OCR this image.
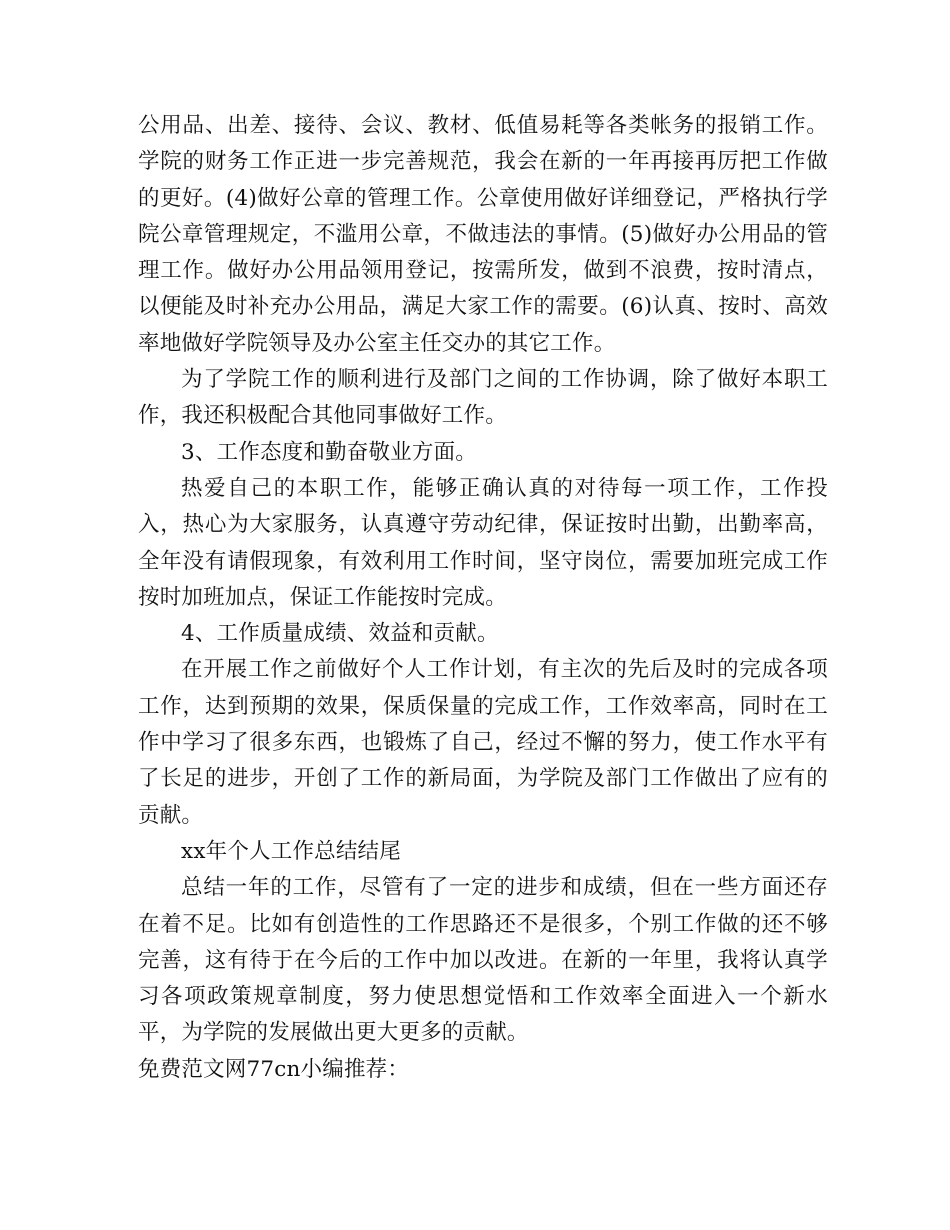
公用品、出差、接待、会议、教材、低值易耗等各类帐务的报销工作。学院的财务工作正进一步完善规范，我会在新的一年再接再厉把工作做的更好。(4)做好公章的管理工作。公章使用做好详细登记，严格执行学院公章管理规定，不滥用公章，不做违法的事情。(5)做好办公用品的管理工作。做好办公用品领用登记，按需所发，做到不浪费，按时清点，以便能及时补充办公用品，满足大家工作的需要。(6)认真、按时、高效率地做好学院领导及办公室主任交办的其它工作。

为了学院工作的顺利进行及部门之间的工作协调，除了做好本职工作，我还积极配合其他同事做好工作。

3、工作态度和勤奋敬业方面。

热爱自己的本职工作，能够正确认真的对待每一项工作，工作投入，热心为大家服务，认真遵守劳动纪律，保证按时出勤，出勤率高，全年没有请假现象，有效利用工作时间，坚守岗位，需要加班完成工作按时加班加点，保证工作能按时完成。

4、工作质量成绩、效益和贡献。

在开展工作之前做好个人工作计划，有主次的先后及时的完成各项工作，达到预期的效果，保质保量的完成工作，工作效率高，同时在工作中学习了很多东西，也锻炼了自己，经过不懈的努力，使工作水平有了长足的进步，开创了工作的新局面，为学院及部门工作做出了应有的贡献。

xx年个人工作总结结尾

总结一年的工作，尽管有了一定的进步和成绩，但在一些方面还存在着不足。比如有创造性的工作思路还不是很多，个别工作做的还不够完善，这有待于在今后的工作中加以改进。在新的一年里，我将认真学习各项政策规章制度，努力使思想觉悟和工作效率全面进入一个新水平，为学院的发展做出更大更多的贡献。

免费范文网77cn小编推荐：
